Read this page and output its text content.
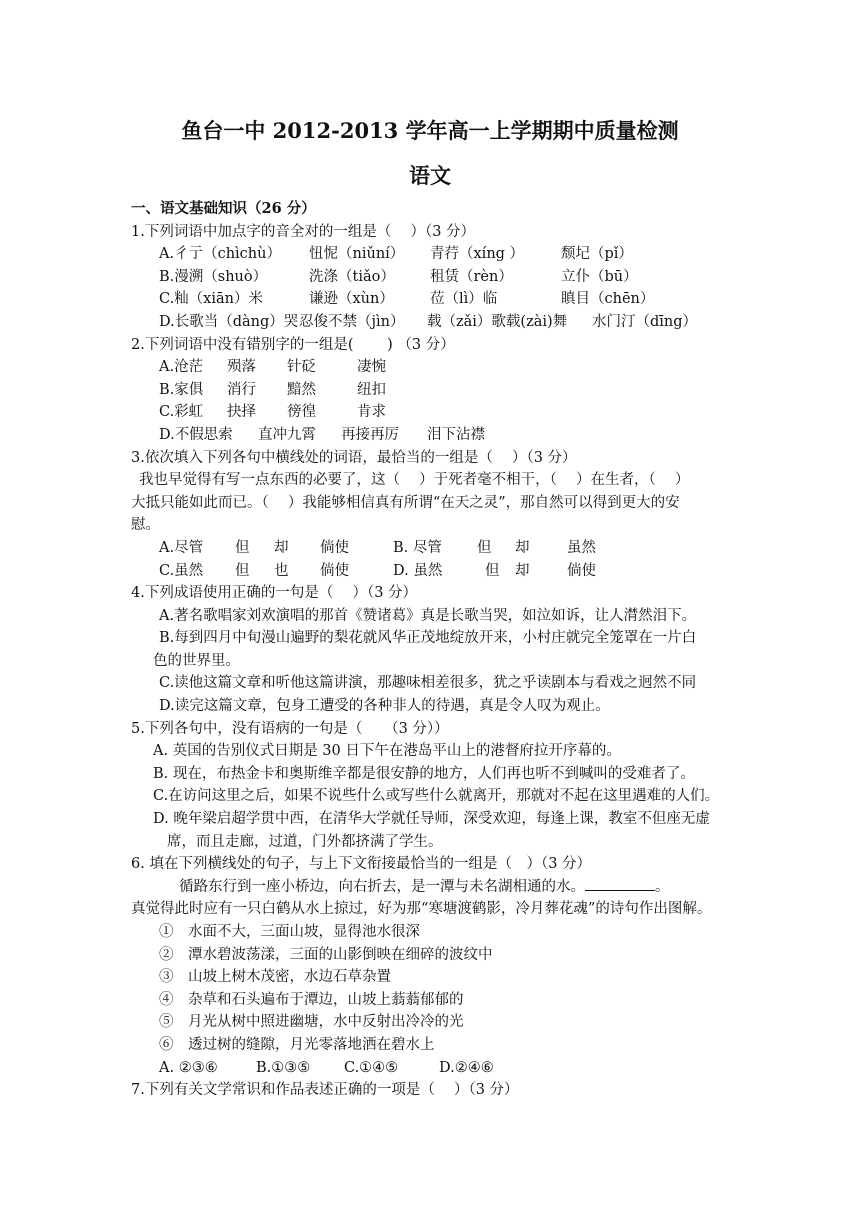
鱼台一中 2012-2013 学年高一上学期期中质量检测
语文
一、语文基础知识（26 分）
1.下列词语中加点字的音全对的一组是（　 ）（3 分）
A.彳亍（chìchù）	忸怩（niǔní）	青荇（xíng ）	颓圮（pǐ）
B.漫溯（shuò）	洗涤（tiǎo）	租赁（rèn）	立仆（bū）
C.籼（xiān）米	谦逊（xùn）	莅（lì）临	瞋目（chēn）
D.长歌当（dàng）哭 忍俊不禁（jìn）	载（zǎi）歌载(zài)舞	水门汀（dīng）
2.下列词语中没有错别字的一组是(　　 ) （3 分）
A.沧茫	殒落	针砭	凄惋
B.家俱	消行	黯然	纽扣
C.彩虹	抉择	徬徨	肯求
D.不假思索	直冲九霄	再接再厉	泪下沾襟
3.依次填入下列各句中横线处的词语，最恰当的一组是（　 ）（3 分）
我也早觉得有写一点东西的必要了，这（　 ）于死者毫不相干，（　 ）在生者，（　 ）
大抵只能如此而已。（　 ）我能够相信真有所谓“在天之灵”，那自然可以得到更大的安
慰。
A.尽管	但	却	倘使	B. 尽管	但	却	虽然
C.虽然	但	也	倘使	D. 虽然	但	却	倘使
4.下列成语使用正确的一句是（　 ）（3 分）
A.著名歌唱家刘欢演唱的那首《赞诸葛》真是长歌当哭，如泣如诉，让人潸然泪下。
B.每到四月中旬漫山遍野的梨花就风华正茂地绽放开来，小村庄就完全笼罩在一片白
色的世界里。
C.读他这篇文章和听他这篇讲演，那趣味相差很多，犹之乎读剧本与看戏之迥然不同
D.读完这篇文章，包身工遭受的各种非人的待遇，真是令人叹为观止。
5.下列各句中，没有语病的一句是（　　（3 分））
A. 英国的告别仪式日期是 30 日下午在港岛平山上的港督府拉开序幕的。
B. 现在，布热金卡和奥斯维辛都是很安静的地方，人们再也听不到喊叫的受难者了。
C.在访问这里之后，如果不说些什么或写些什么就离开，那就对不起在这里遇难的人们。
D. 晚年梁启超学贯中西，在清华大学就任导师，深受欢迎，每逢上课，教室不但座无虚
席，而且走廊，过道，门外都挤满了学生。
6. 填在下列横线处的句子，与上下文衔接最恰当的一组是（　）（3 分）
循路东行到一座小桥边，向右折去，是一潭与未名湖相通的水。	。
真觉得此时应有一只白鹤从水上掠过，好为那“寒塘渡鹤影，冷月葬花魂”的诗句作出图解。
①　水面不大，三面山坡，显得池水很深
②　潭水碧波荡漾，三面的山影倒映在细碎的波纹中
③　山坡上树木茂密，水边石草杂置
④　杂草和石头遍布于潭边，山坡上蓊蓊郁郁的
⑤　月光从树中照进幽塘，水中反射出冷冷的光
⑥　透过树的缝隙，月光零落地洒在碧水上
A. ②③⑥	B.①③⑤	C.①④⑤	D.②④⑥
7.下列有关文学常识和作品表述正确的一项是（　 ）（3 分）
